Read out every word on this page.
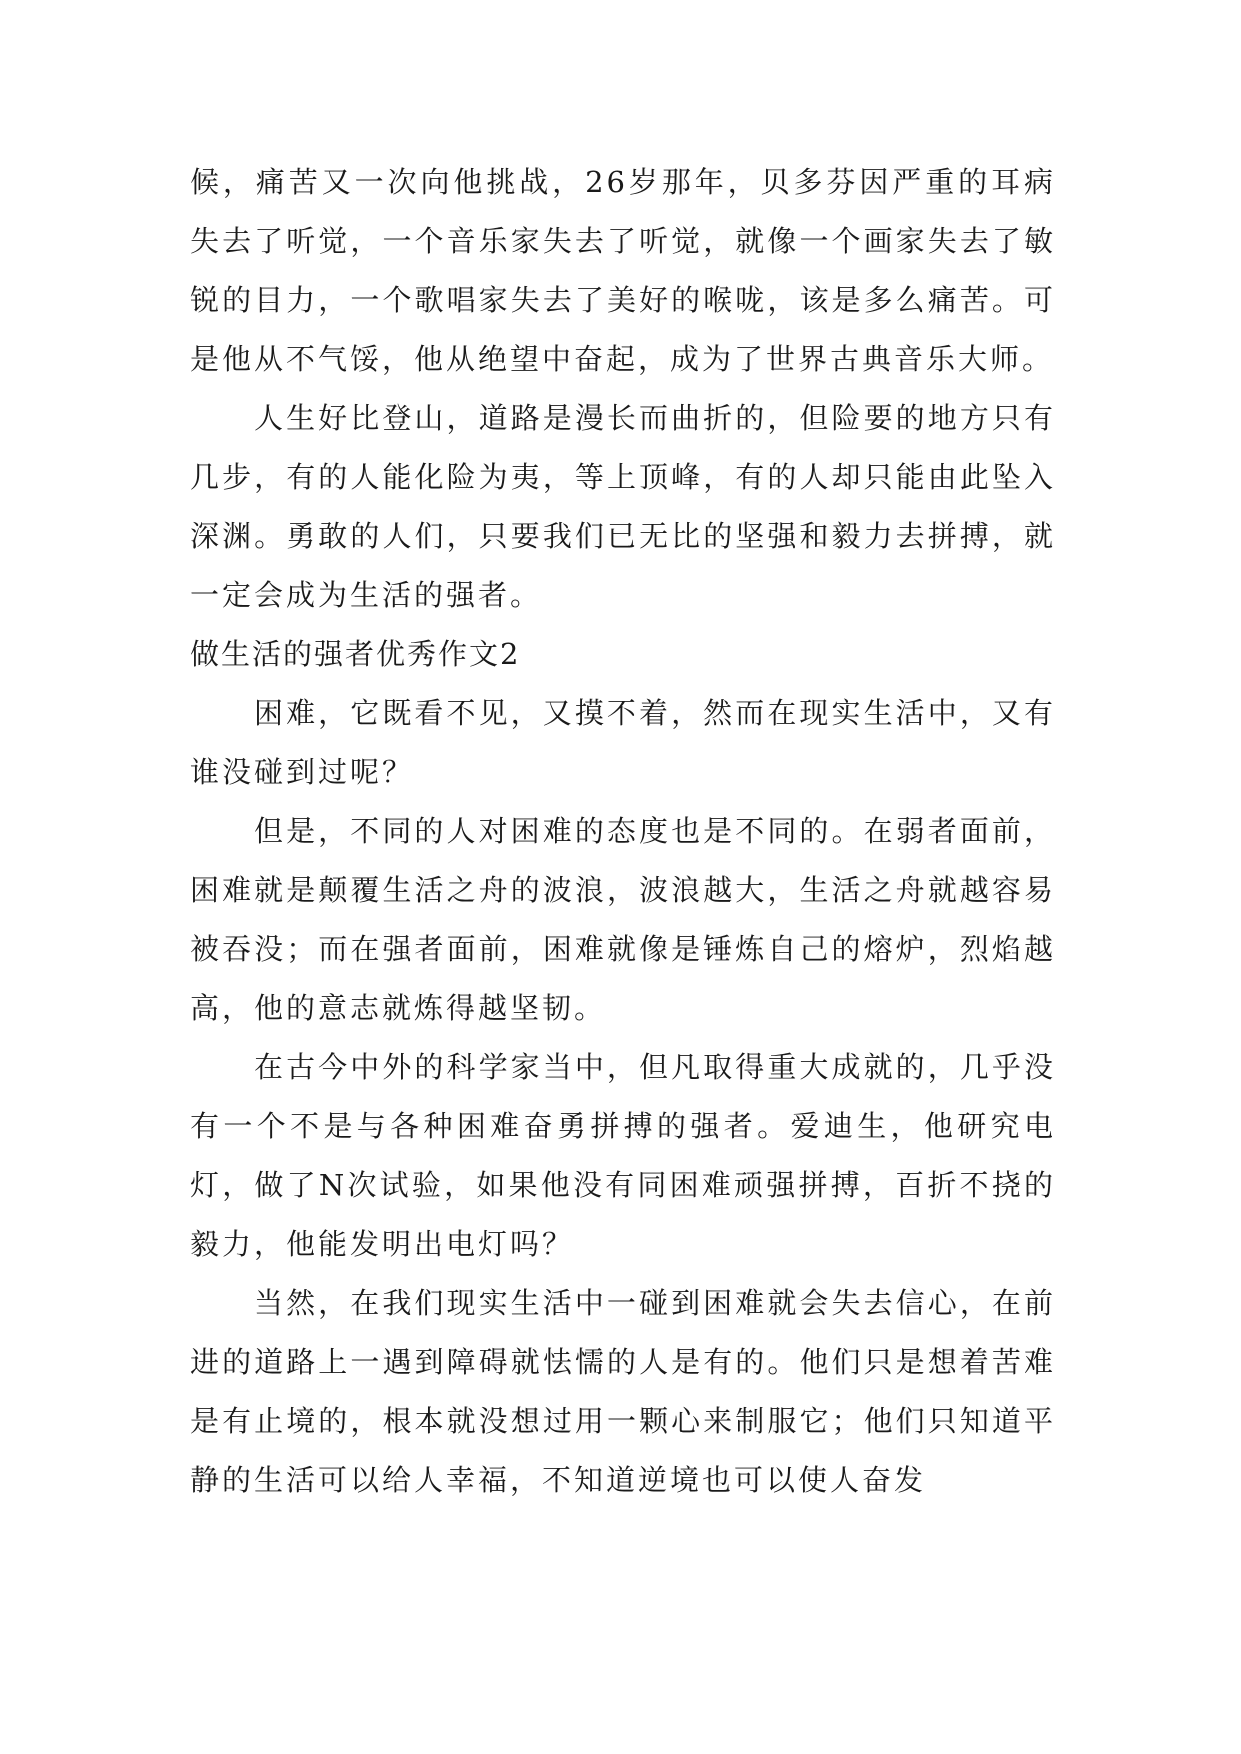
候，痛苦又一次向他挑战，26岁那年，贝多芬因严重的耳病失去了听觉，一个音乐家失去了听觉，就像一个画家失去了敏锐的目力，一个歌唱家失去了美好的喉咙，该是多么痛苦。可是他从不气馁，他从绝望中奋起，成为了世界古典音乐大师。

人生好比登山，道路是漫长而曲折的，但险要的地方只有几步，有的人能化险为夷，等上顶峰，有的人却只能由此坠入深渊。勇敢的人们，只要我们已无比的坚强和毅力去拼搏，就一定会成为生活的强者。

做生活的强者优秀作文2

困难，它既看不见，又摸不着，然而在现实生活中，又有谁没碰到过呢？

但是，不同的人对困难的态度也是不同的。在弱者面前，困难就是颠覆生活之舟的波浪，波浪越大，生活之舟就越容易被吞没；而在强者面前，困难就像是锤炼自己的熔炉，烈焰越高，他的意志就炼得越坚韧。

在古今中外的科学家当中，但凡取得重大成就的，几乎没有一个不是与各种困难奋勇拼搏的强者。爱迪生，他研究电灯，做了N次试验，如果他没有同困难顽强拼搏，百折不挠的毅力，他能发明出电灯吗？

当然，在我们现实生活中一碰到困难就会失去信心，在前进的道路上一遇到障碍就怯懦的人是有的。他们只是想着苦难是有止境的，根本就没想过用一颗心来制服它；他们只知道平静的生活可以给人幸福，不知道逆境也可以使人奋发
